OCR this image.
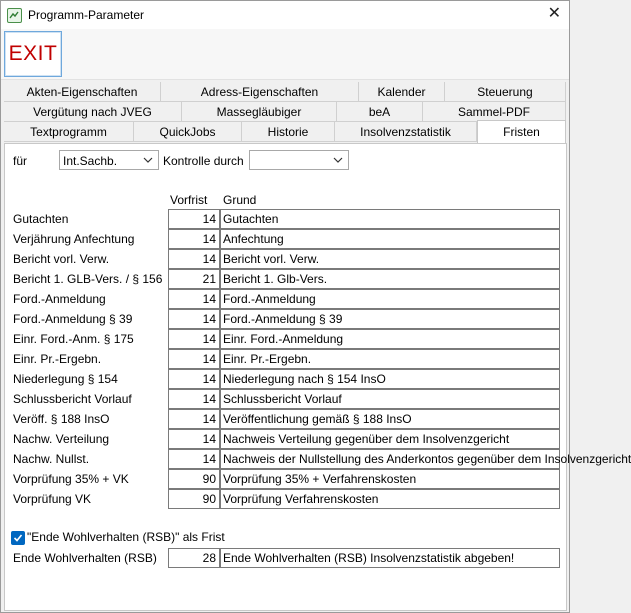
Programm-Parameter	✕
EXIT
Akten-Eigenschaften	Adress-Eigenschaften	Kalender	Steuerung
Vergütung nach JVEG	Massegläubiger	beA	Sammel-PDF
Textprogramm	QuickJobs	Historie	Insolvenzstatistik	Fristen
für	Int.Sachb.	Kontrolle durch
Vorfrist Grund
Gutachten	14 Gutachten
Verjährung Anfechtung	14 Anfechtung
Bericht vorl. Verw.	14 Bericht vorl. Verw.
Bericht 1. GLB-Vers. / § 156	21 Bericht 1. Glb-Vers.
Ford.-Anmeldung	14 Ford.-Anmeldung
Ford.-Anmeldung § 39	14 Ford.-Anmeldung § 39
Einr. Ford.-Anm. § 175	14 Einr. Ford.-Anmeldung
Einr. Pr.-Ergebn.	14 Einr. Pr.-Ergebn.
Niederlegung § 154	14 Niederlegung nach § 154 InsO
Schlussbericht Vorlauf	14 Schlussbericht Vorlauf
Veröff. § 188 InsO	14 Veröffentlichung gemäß § 188 InsO
Nachw. Verteilung	14 Nachweis Verteilung gegenüber dem Insolvenzgericht
Nachw. Nullst.	14 Nachweis der Nullstellung des Anderkontos gegenüber dem Insolvenzgericht
Vorprüfung 35% + VK	90 Vorprüfung 35% + Verfahrenskosten
Vorprüfung VK	90 Vorprüfung Verfahrenskosten
"Ende Wohlverhalten (RSB)" als Frist
Ende Wohlverhalten (RSB)	28 Ende Wohlverhalten (RSB) Insolvenzstatistik abgeben!
